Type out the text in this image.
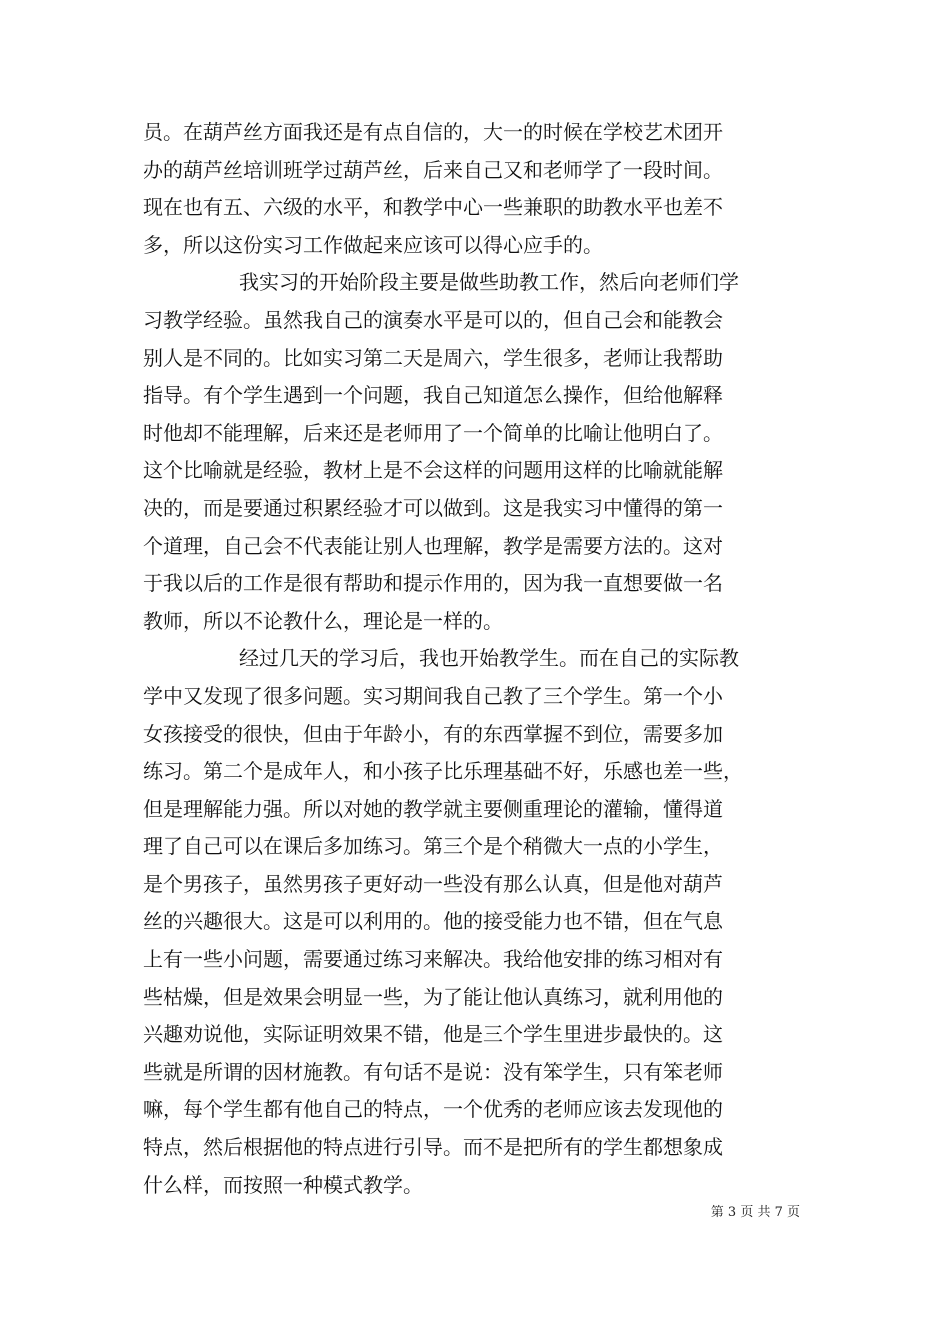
员。在葫芦丝方面我还是有点自信的，大一的时候在学校艺术团开
办的葫芦丝培训班学过葫芦丝，后来自己又和老师学了一段时间。
现在也有五、六级的水平，和教学中心一些兼职的助教水平也差不
多，所以这份实习工作做起来应该可以得心应手的。
我实习的开始阶段主要是做些助教工作，然后向老师们学
习教学经验。虽然我自己的演奏水平是可以的，但自己会和能教会
别人是不同的。比如实习第二天是周六，学生很多，老师让我帮助
指导。有个学生遇到一个问题，我自己知道怎么操作，但给他解释
时他却不能理解，后来还是老师用了一个简单的比喻让他明白了。
这个比喻就是经验，教材上是不会这样的问题用这样的比喻就能解
决的，而是要通过积累经验才可以做到。这是我实习中懂得的第一
个道理，自己会不代表能让别人也理解，教学是需要方法的。这对
于我以后的工作是很有帮助和提示作用的，因为我一直想要做一名
教师，所以不论教什么，理论是一样的。
经过几天的学习后，我也开始教学生。而在自己的实际教
学中又发现了很多问题。实习期间我自己教了三个学生。第一个小
女孩接受的很快，但由于年龄小，有的东西掌握不到位，需要多加
练习。第二个是成年人，和小孩子比乐理基础不好，乐感也差一些，
但是理解能力强。所以对她的教学就主要侧重理论的灌输，懂得道
理了自己可以在课后多加练习。第三个是个稍微大一点的小学生，
是个男孩子，虽然男孩子更好动一些没有那么认真，但是他对葫芦
丝的兴趣很大。这是可以利用的。他的接受能力也不错，但在气息
上有一些小问题，需要通过练习来解决。我给他安排的练习相对有
些枯燥，但是效果会明显一些，为了能让他认真练习，就利用他的
兴趣劝说他，实际证明效果不错，他是三个学生里进步最快的。这
些就是所谓的因材施教。有句话不是说：没有笨学生，只有笨老师
嘛，每个学生都有他自己的特点，一个优秀的老师应该去发现他的
特点，然后根据他的特点进行引导。而不是把所有的学生都想象成
什么样，而按照一种模式教学。
第 3 页 共 7 页
